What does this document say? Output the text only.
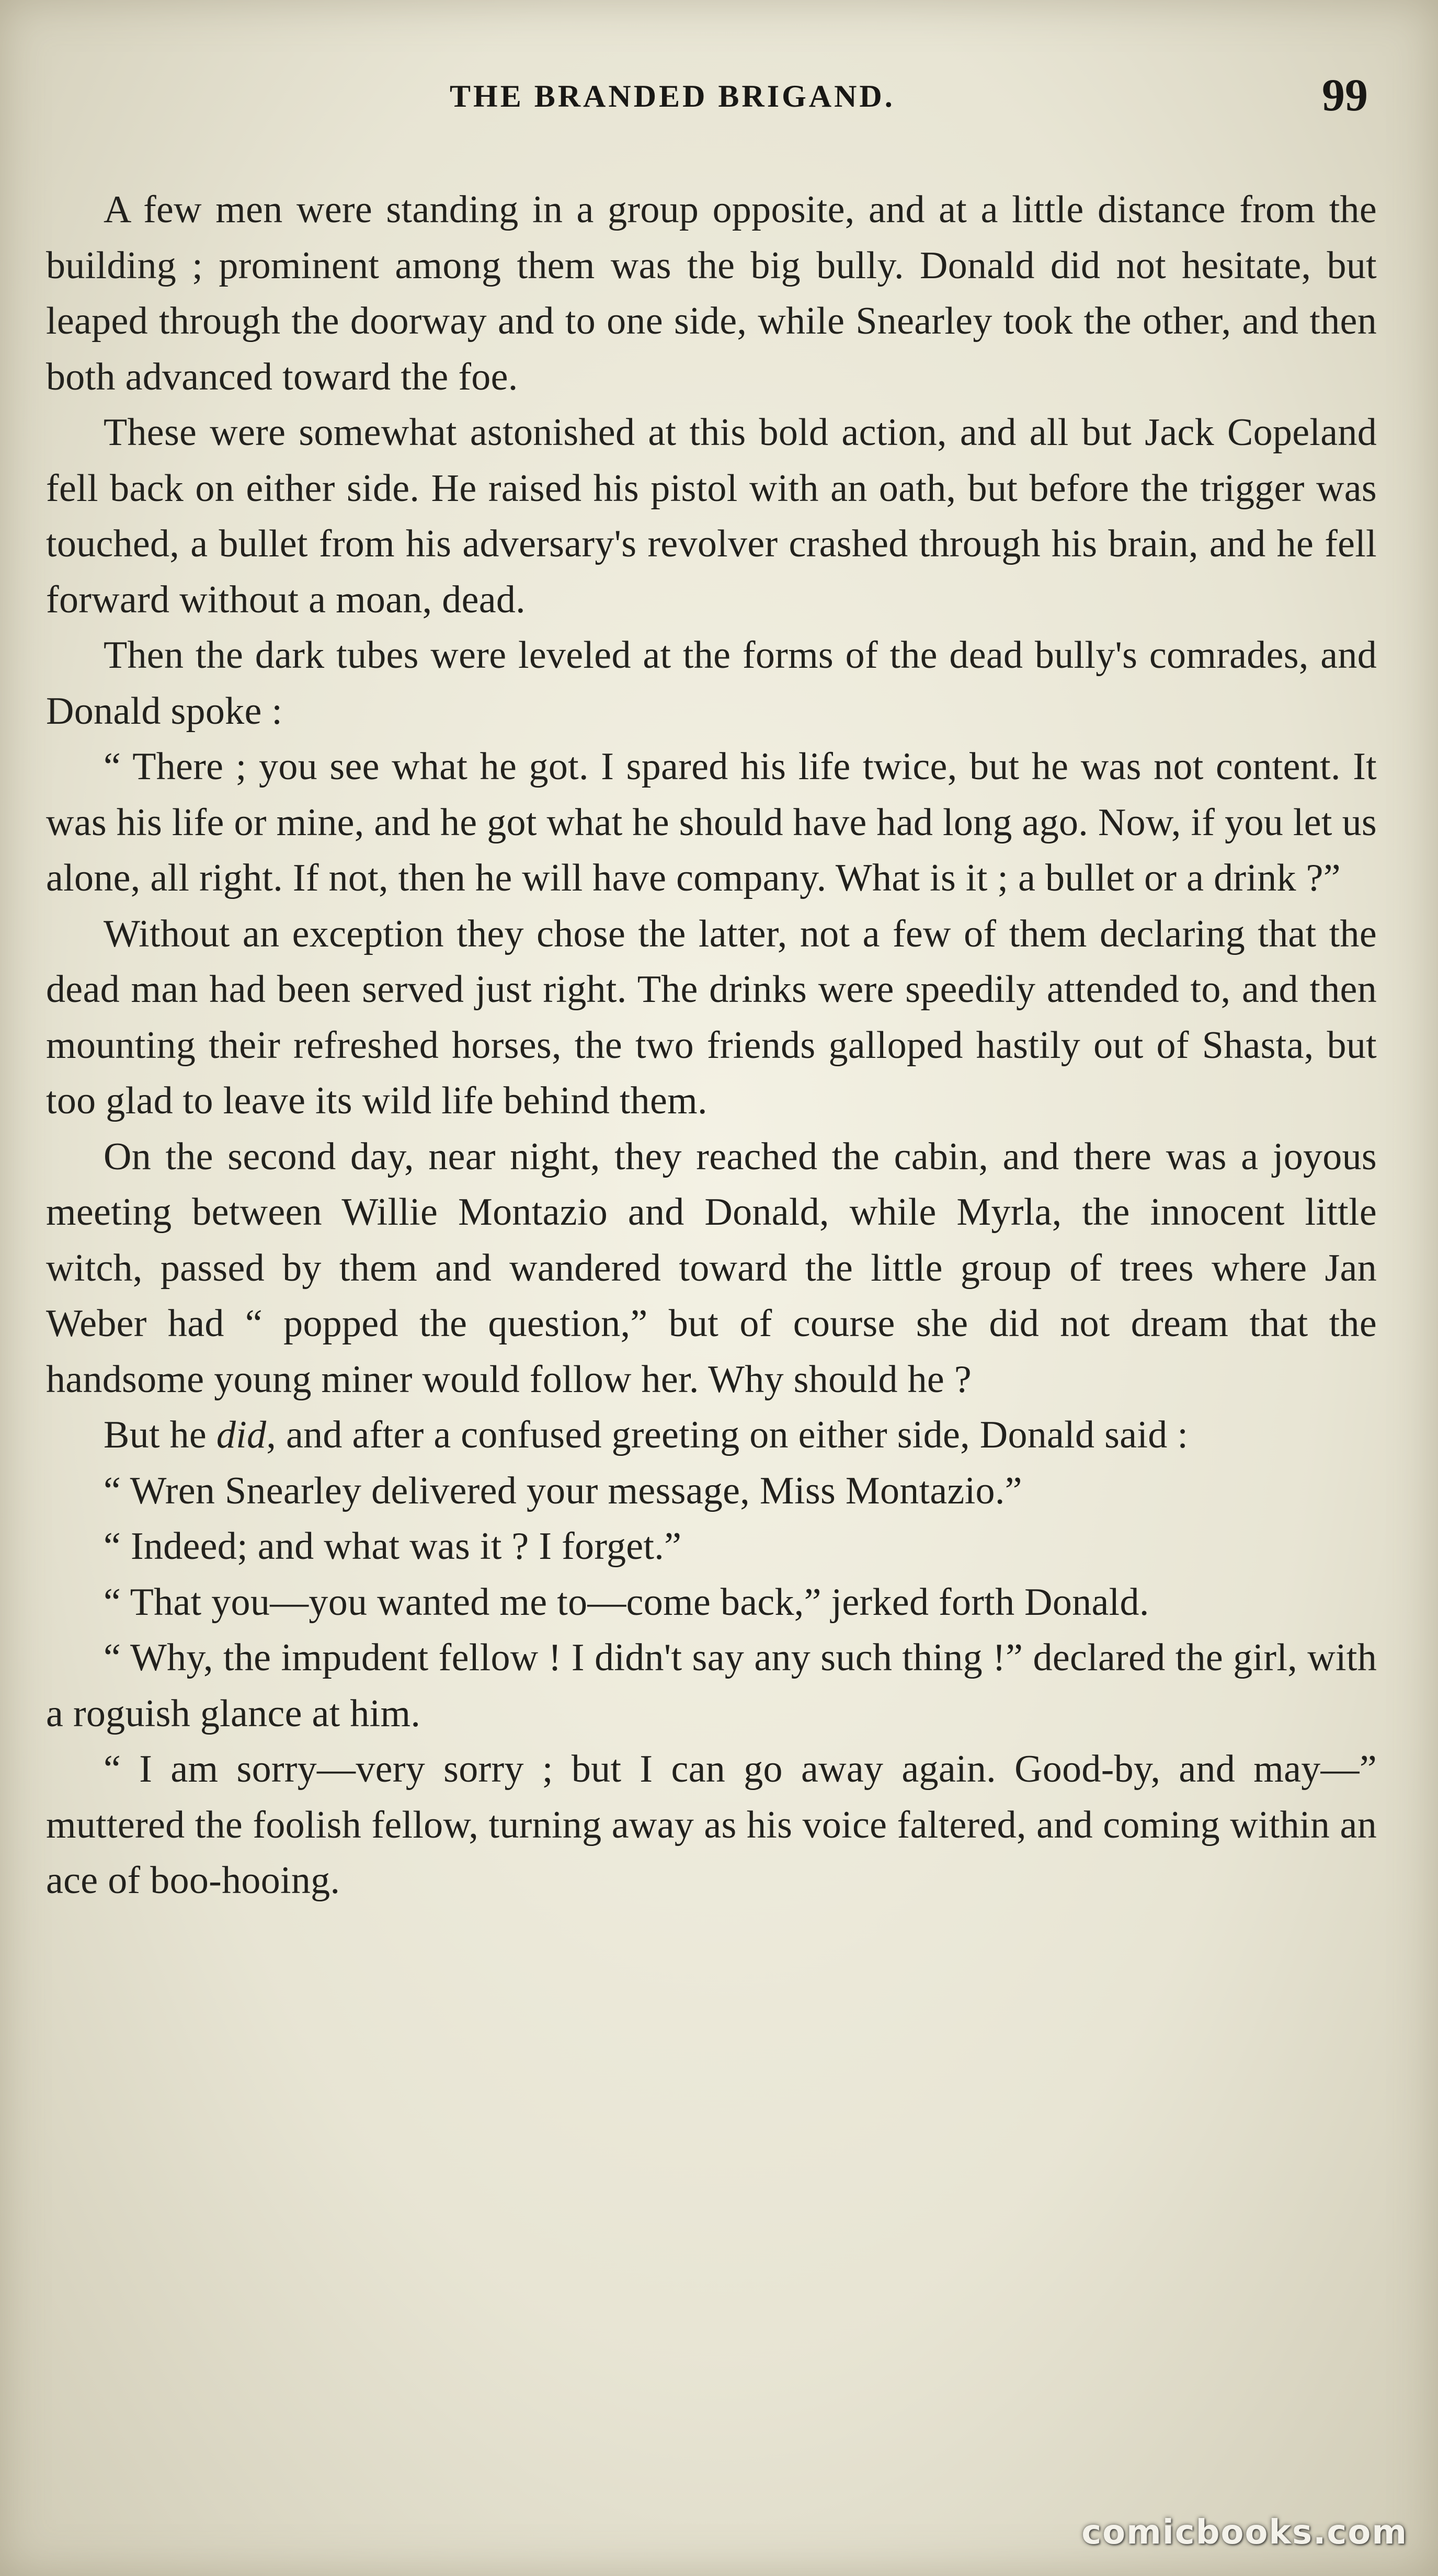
THE BRANDED BRIGAND.	99

A few men were standing in a group opposite, and at a little distance from the building ; prominent among them was the big bully. Donald did not hesitate, but leaped through the doorway and to one side, while Snearley took the other, and then both advanced toward the foe.

These were somewhat astonished at this bold action, and all but Jack Copeland fell back on either side. He raised his pistol with an oath, but before the trigger was touched, a bullet from his adversary's revolver crashed through his brain, and he fell forward without a moan, dead.

Then the dark tubes were leveled at the forms of the dead bully's comrades, and Donald spoke :

“ There ; you see what he got. I spared his life twice, but he was not content. It was his life or mine, and he got what he should have had long ago. Now, if you let us alone, all right. If not, then he will have company. What is it ; a bullet or a drink ?”

Without an exception they chose the latter, not a few of them declaring that the dead man had been served just right. The drinks were speedily attended to, and then mounting their refreshed horses, the two friends galloped hastily out of Shasta, but too glad to leave its wild life behind them.

On the second day, near night, they reached the cabin, and there was a joyous meeting between Willie Montazio and Donald, while Myrla, the innocent little witch, passed by them and wandered toward the little group of trees where Jan Weber had “ popped the question,” but of course she did not dream that the handsome young miner would follow her. Why should he ?

But he did, and after a confused greeting on either side, Donald said :

“ Wren Snearley delivered your message, Miss Montazio.”

“ Indeed; and what was it ? I forget.”

“ That you—you wanted me to—come back,” jerked forth Donald.

“ Why, the impudent fellow ! I didn't say any such thing !” declared the girl, with a roguish glance at him.

“ I am sorry—very sorry ; but I can go away again. Good-by, and may—” muttered the foolish fellow, turning away as his voice faltered, and coming within an ace of boo-hooing.

comicbooks.com
